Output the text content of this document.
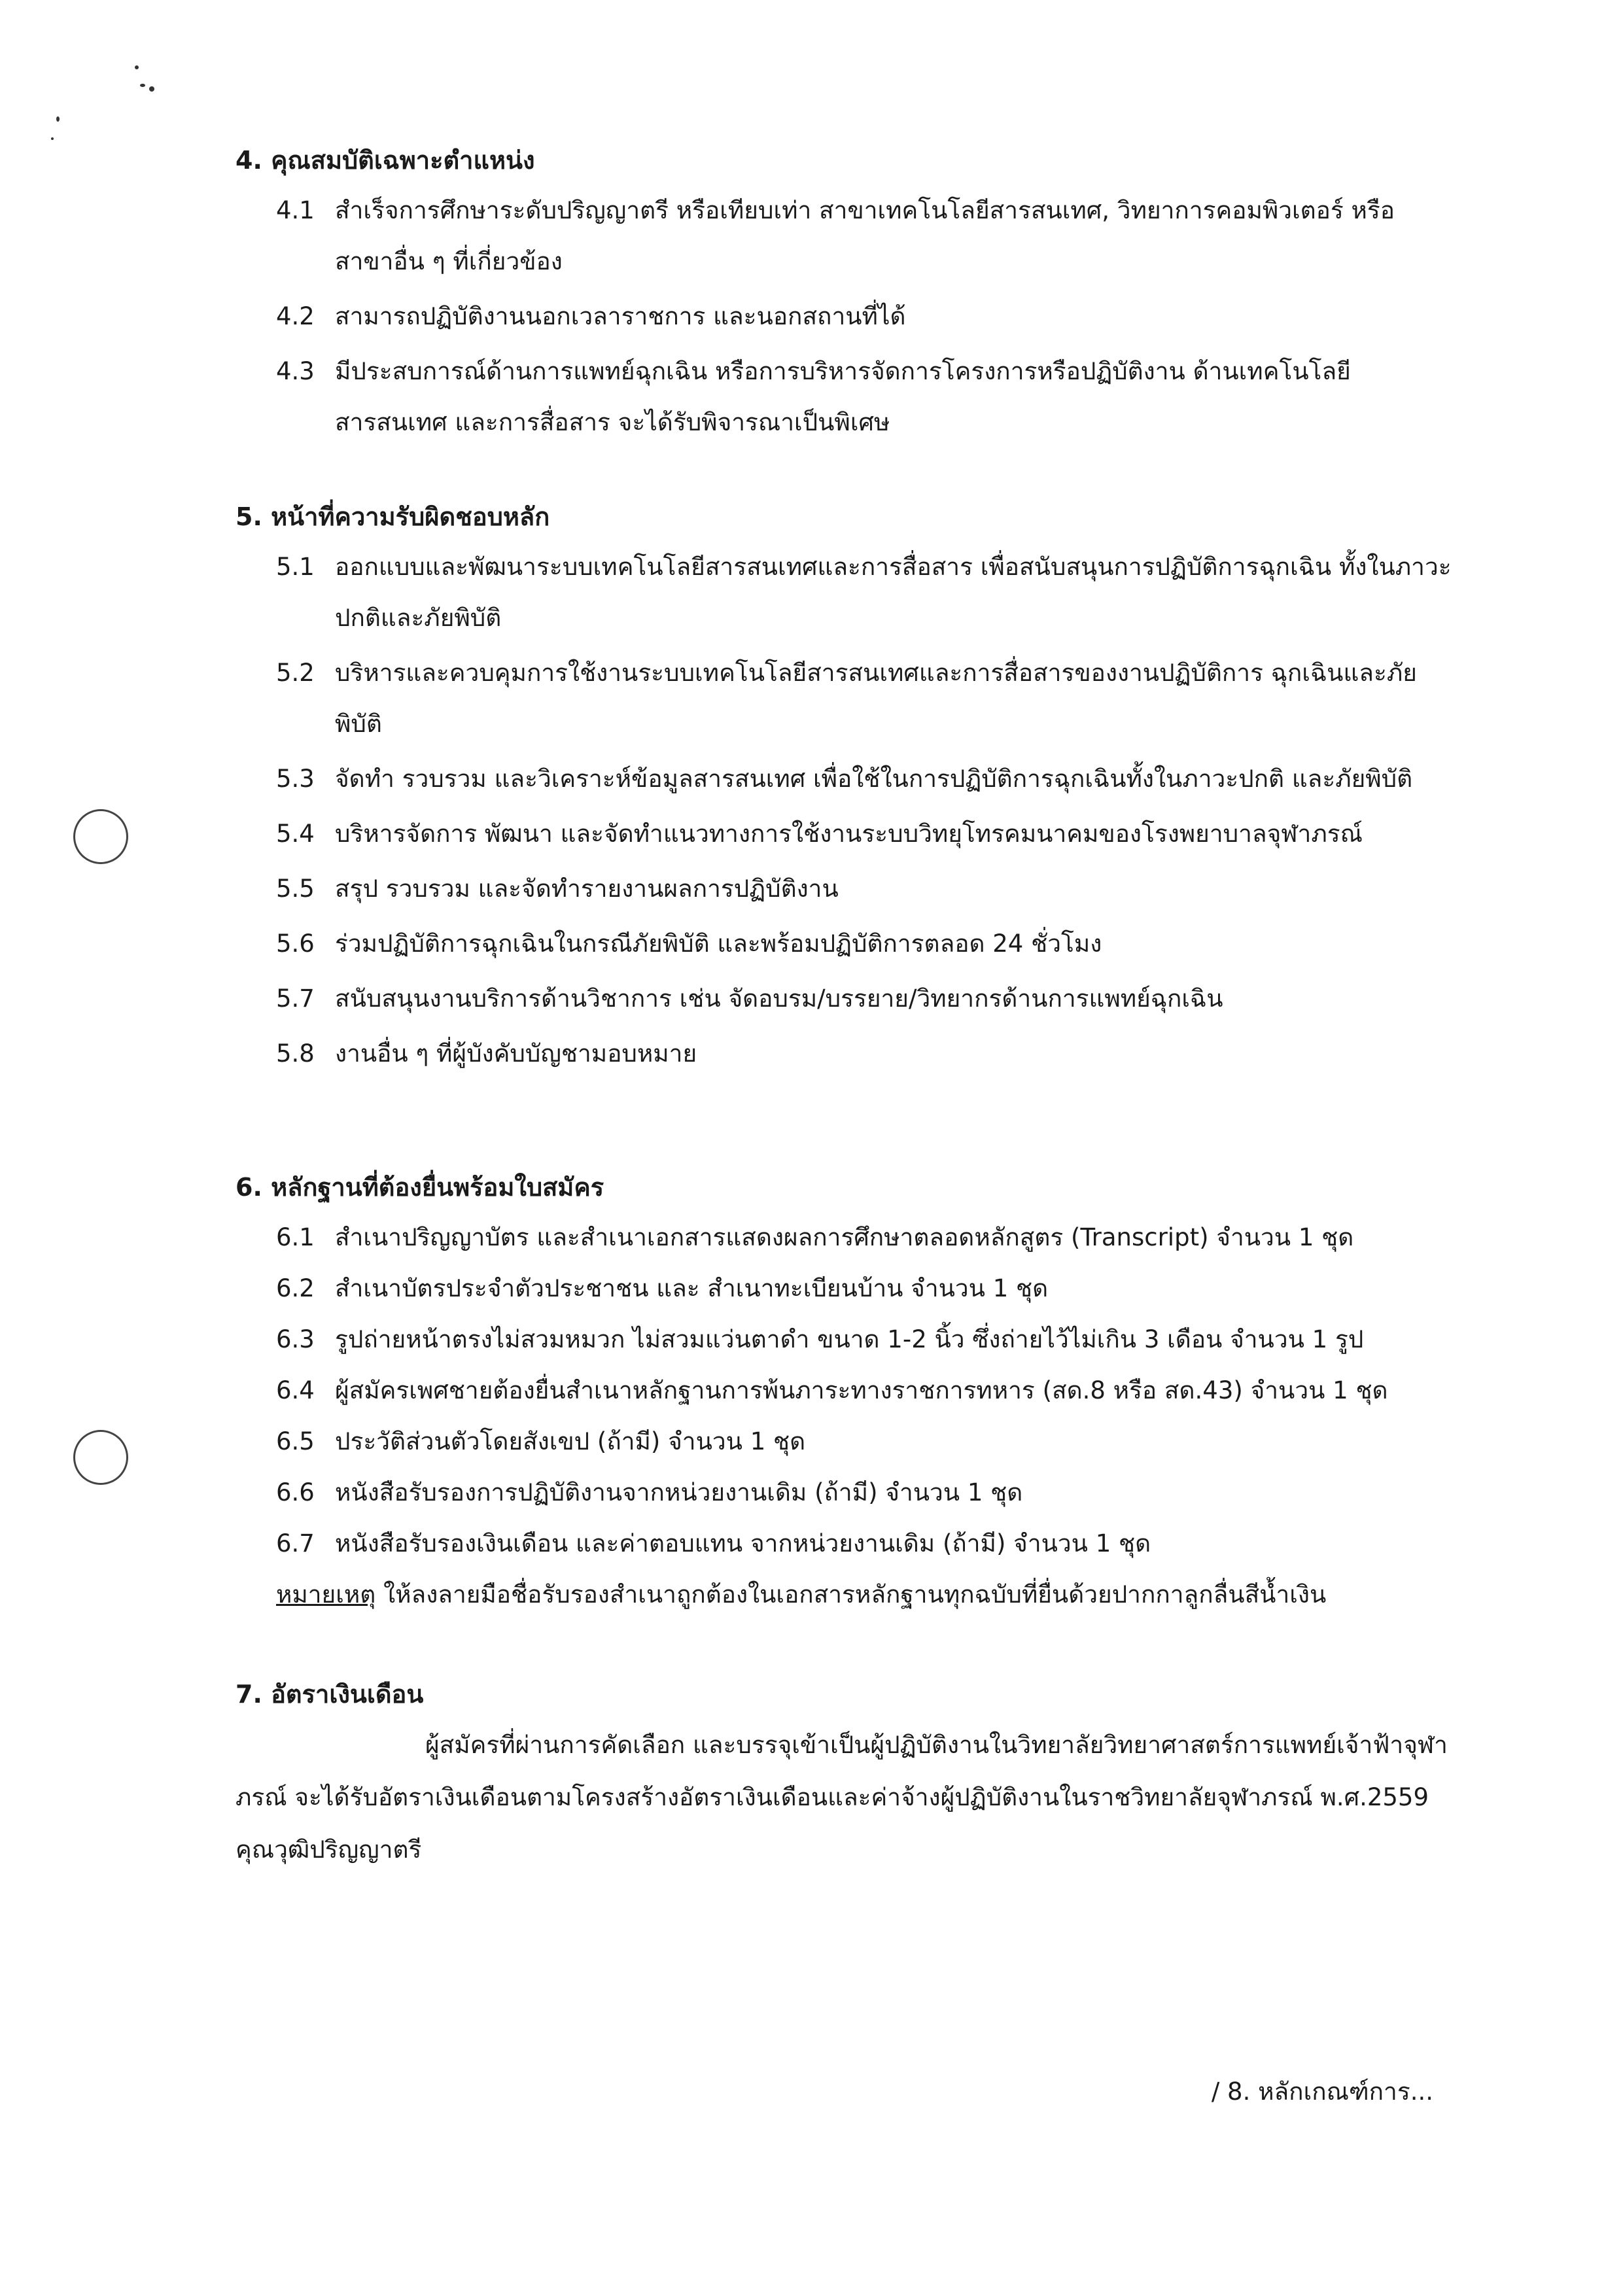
4. คุณสมบัติเฉพาะตำแหน่ง

4.1 สำเร็จการศึกษาระดับปริญญาตรี หรือเทียบเท่า สาขาเทคโนโลยีสารสนเทศ, วิทยาการคอมพิวเตอร์ หรือสาขาอื่น ๆ ที่เกี่ยวข้อง
4.2 สามารถปฏิบัติงานนอกเวลาราชการ และนอกสถานที่ได้
4.3 มีประสบการณ์ด้านการแพทย์ฉุกเฉิน หรือการบริหารจัดการโครงการหรือปฏิบัติงาน ด้านเทคโนโลยีสารสนเทศ และการสื่อสาร จะได้รับพิจารณาเป็นพิเศษ

5. หน้าที่ความรับผิดชอบหลัก

5.1 ออกแบบและพัฒนาระบบเทคโนโลยีสารสนเทศและการสื่อสาร เพื่อสนับสนุนการปฏิบัติการฉุกเฉิน ทั้งในภาวะปกติและภัยพิบัติ
5.2 บริหารและควบคุมการใช้งานระบบเทคโนโลยีสารสนเทศและการสื่อสารของงานปฏิบัติการ ฉุกเฉินและภัยพิบัติ
5.3 จัดทำ รวบรวม และวิเคราะห์ข้อมูลสารสนเทศ เพื่อใช้ในการปฏิบัติการฉุกเฉินทั้งในภาวะปกติ และภัยพิบัติ
5.4 บริหารจัดการ พัฒนา และจัดทำแนวทางการใช้งานระบบวิทยุโทรคมนาคมของโรงพยาบาลจุฬาภรณ์
5.5 สรุป รวบรวม และจัดทำรายงานผลการปฏิบัติงาน
5.6 ร่วมปฏิบัติการฉุกเฉินในกรณีภัยพิบัติ และพร้อมปฏิบัติการตลอด 24 ชั่วโมง
5.7 สนับสนุนงานบริการด้านวิชาการ เช่น จัดอบรม/บรรยาย/วิทยากรด้านการแพทย์ฉุกเฉิน
5.8 งานอื่น ๆ ที่ผู้บังคับบัญชามอบหมาย

6. หลักฐานที่ต้องยื่นพร้อมใบสมัคร

6.1 สำเนาปริญญาบัตร และสำเนาเอกสารแสดงผลการศึกษาตลอดหลักสูตร (Transcript) จำนวน 1 ชุด
6.2 สำเนาบัตรประจำตัวประชาชน และ สำเนาทะเบียนบ้าน จำนวน 1 ชุด
6.3 รูปถ่ายหน้าตรงไม่สวมหมวก ไม่สวมแว่นตาดำ ขนาด 1-2 นิ้ว ซึ่งถ่ายไว้ไม่เกิน 3 เดือน จำนวน 1 รูป
6.4 ผู้สมัครเพศชายต้องยื่นสำเนาหลักฐานการพ้นภาระทางราชการทหาร (สด.8 หรือ สด.43) จำนวน 1 ชุด
6.5 ประวัติส่วนตัวโดยสังเขป (ถ้ามี) จำนวน 1 ชุด
6.6 หนังสือรับรองการปฏิบัติงานจากหน่วยงานเดิม (ถ้ามี) จำนวน 1 ชุด
6.7 หนังสือรับรองเงินเดือน และค่าตอบแทน จากหน่วยงานเดิม (ถ้ามี) จำนวน 1 ชุด
หมายเหตุ ให้ลงลายมือชื่อรับรองสำเนาถูกต้องในเอกสารหลักฐานทุกฉบับที่ยื่นด้วยปากกาลูกลื่นสีน้ำเงิน

7. อัตราเงินเดือน

ผู้สมัครที่ผ่านการคัดเลือก และบรรจุเข้าเป็นผู้ปฏิบัติงานในวิทยาลัยวิทยาศาสตร์การแพทย์เจ้าฟ้าจุฬาภรณ์ จะได้รับอัตราเงินเดือนตามโครงสร้างอัตราเงินเดือนและค่าจ้างผู้ปฏิบัติงานในราชวิทยาลัยจุฬาภรณ์ พ.ศ.2559 คุณวุฒิปริญญาตรี
/ 8. หลักเกณฑ์การ...
